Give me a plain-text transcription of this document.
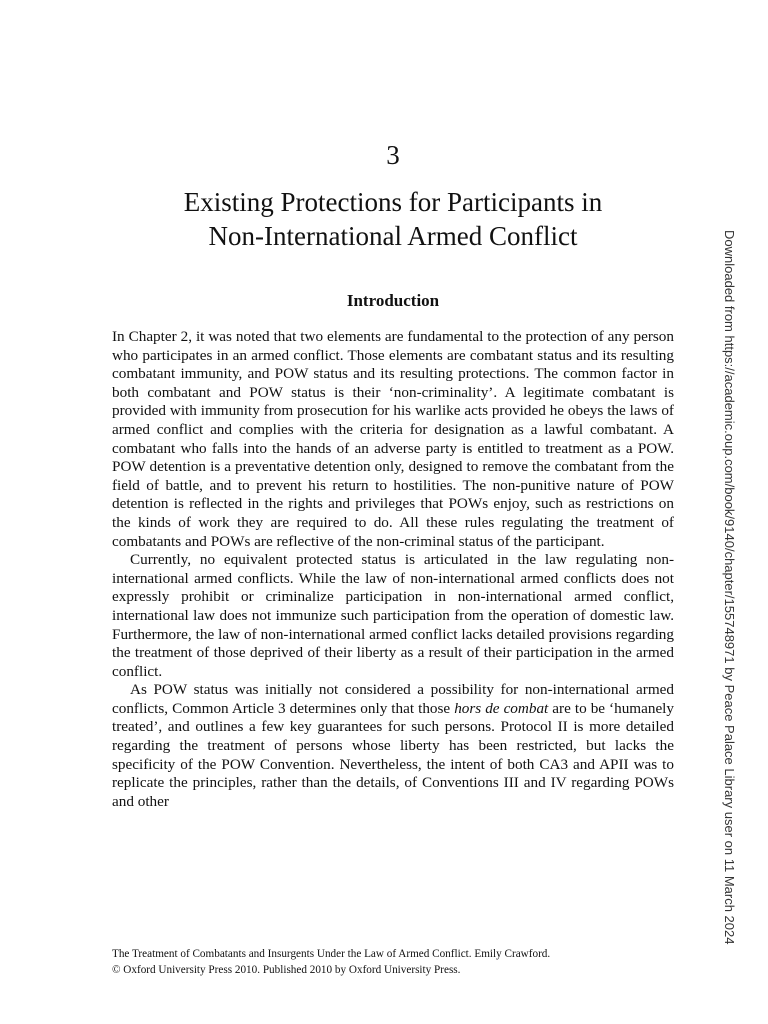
3
Existing Protections for Participants in
Non-International Armed Conflict
Introduction

In Chapter 2, it was noted that two elements are fundamental to the protection of any person who participates in an armed conflict. Those elements are combatant status and its resulting combatant immunity, and POW status and its resulting protections. The common factor in both combatant and POW status is their ‘non-criminality’. A legitimate combatant is provided with immunity from prosecution for his warlike acts provided he obeys the laws of armed conflict and complies with the criteria for designation as a lawful combatant. A combatant who falls into the hands of an adverse party is entitled to treatment as a POW. POW detention is a preventative detention only, designed to remove the combatant from the field of battle, and to prevent his return to hostilities. The non-punitive nature of POW detention is reflected in the rights and privileges that POWs enjoy, such as restrictions on the kinds of work they are required to do. All these rules regulating the treatment of combatants and POWs are reflective of the non-criminal status of the participant.

Currently, no equivalent protected status is articulated in the law regulating non-international armed conflicts. While the law of non-international armed conflicts does not expressly prohibit or criminalize participation in non-international armed conflict, international law does not immunize such participation from the operation of domestic law. Furthermore, the law of non-international armed conflict lacks detailed provisions regarding the treatment of those deprived of their liberty as a result of their participation in the armed conflict.

As POW status was initially not considered a possibility for non-international armed conflicts, Common Article 3 determines only that those hors de combat are to be ‘humanely treated’, and outlines a few key guarantees for such persons. Protocol II is more detailed regarding the treatment of persons whose liberty has been restricted, but lacks the specificity of the POW Convention. Nevertheless, the intent of both CA3 and APII was to replicate the principles, rather than the details, of Conventions III and IV regarding POWs and other

The Treatment of Combatants and Insurgents Under the Law of Armed Conflict. Emily Crawford.
© Oxford University Press 2010. Published 2010 by Oxford University Press.
Downloaded from https://academic.oup.com/book/9140/chapter/155748971 by Peace Palace Library user on 11 March 2024
